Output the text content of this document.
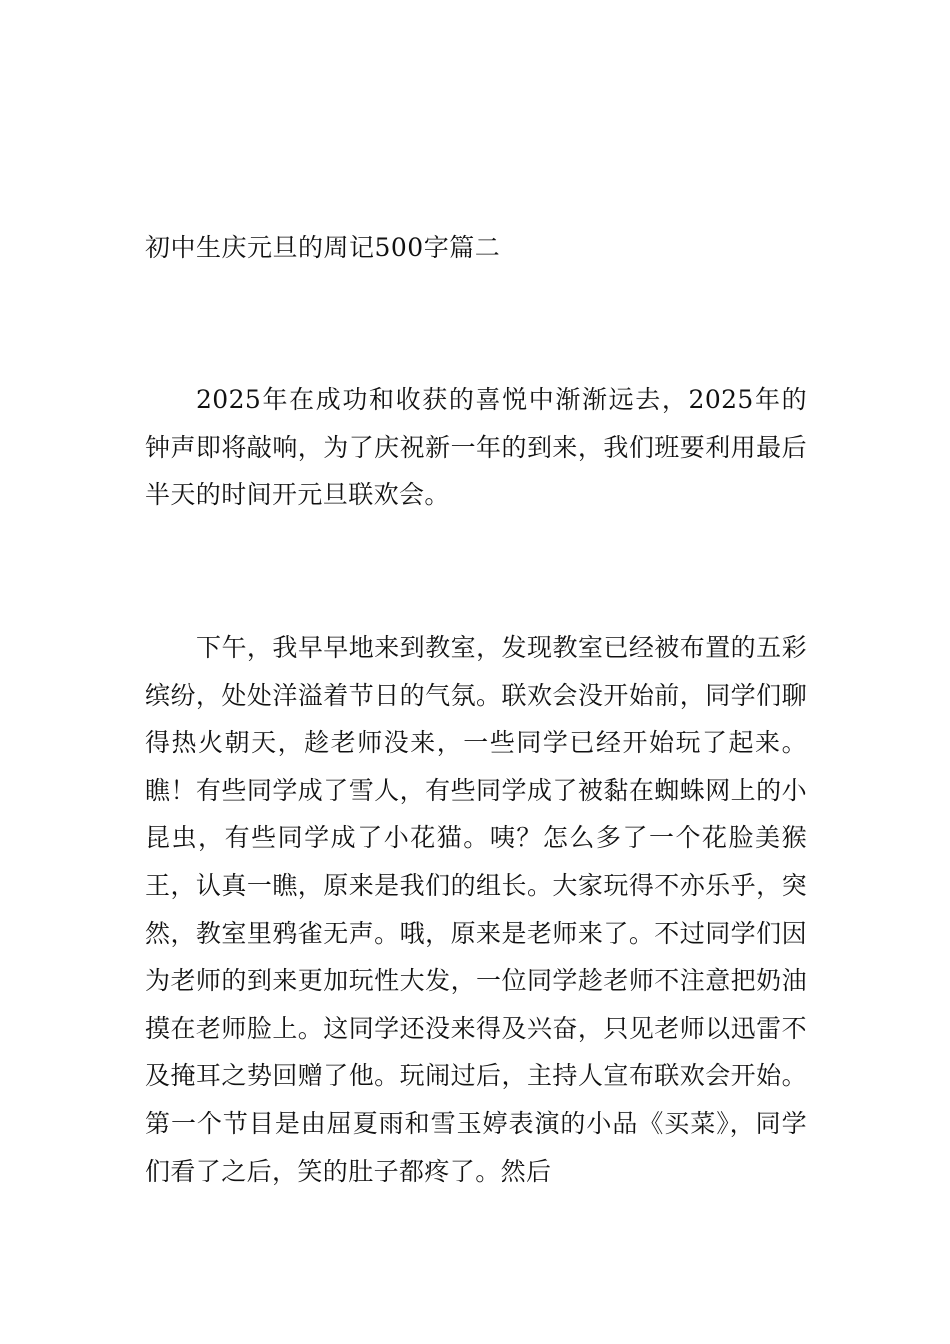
初中生庆元旦的周记500字篇二

2025年在成功和收获的喜悦中渐渐远去，2025年的钟声即将敲响，为了庆祝新一年的到来，我们班要利用最后半天的时间开元旦联欢会。

下午，我早早地来到教室，发现教室已经被布置的五彩缤纷，处处洋溢着节日的气氛。联欢会没开始前，同学们聊得热火朝天，趁老师没来，一些同学已经开始玩了起来。瞧！有些同学成了雪人，有些同学成了被黏在蜘蛛网上的小昆虫，有些同学成了小花猫。咦？怎么多了一个花脸美猴王，认真一瞧，原来是我们的组长。大家玩得不亦乐乎，突然，教室里鸦雀无声。哦，原来是老师来了。不过同学们因为老师的到来更加玩性大发，一位同学趁老师不注意把奶油摸在老师脸上。这同学还没来得及兴奋，只见老师以迅雷不及掩耳之势回赠了他。玩闹过后，主持人宣布联欢会开始。第一个节目是由屈夏雨和雪玉婷表演的小品《买菜》，同学们看了之后，笑的肚子都疼了。然后
